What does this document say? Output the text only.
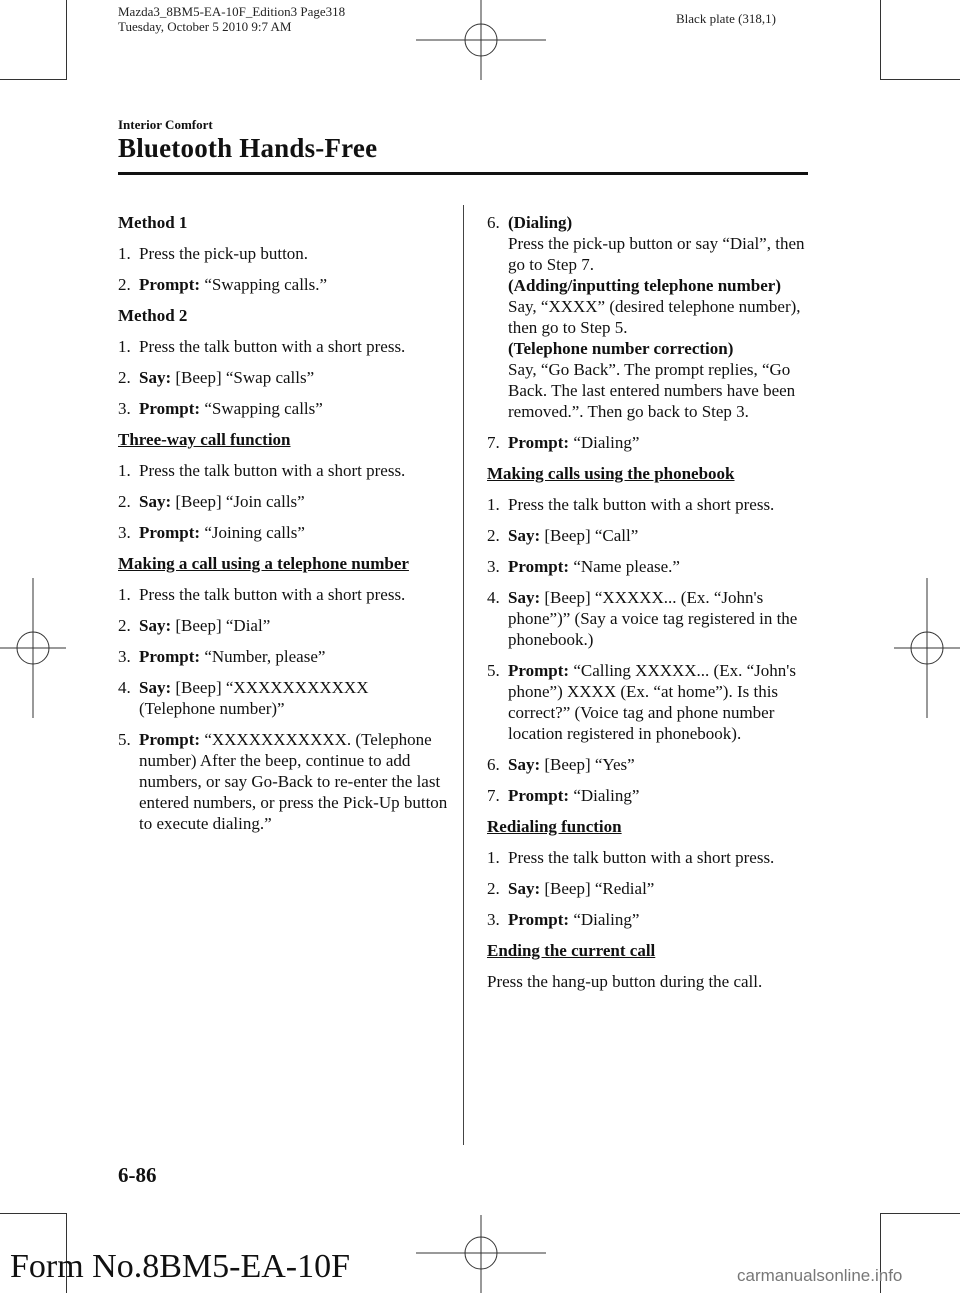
Mazda3_8BM5-EA-10F_Edition3 Page318
Tuesday, October 5 2010 9:7 AM
Black plate (318,1)
Interior Comfort
Bluetooth Hands-Free

Method 1

1. Press the pick-up button.
2. Prompt: “Swapping calls.”

Method 2

1. Press the talk button with a short press.
2. Say: [Beep] “Swap calls”
3. Prompt: “Swapping calls”

Three-way call function

1. Press the talk button with a short press.
2. Say: [Beep] “Join calls”
3. Prompt: “Joining calls”

Making a call using a telephone number

1. Press the talk button with a short press.
2. Say: [Beep] “Dial”
3. Prompt: “Number, please”
4. Say: [Beep] “XXXXXXXXXXX (Telephone number)”
5. Prompt: “XXXXXXXXXXX. (Telephone number) After the beep, continue to add numbers, or say Go-Back to re-enter the last entered numbers, or press the Pick-Up button to execute dialing.”
6. (Dialing)
Press the pick-up button or say “Dial”, then go to Step 7.
(Adding/inputting telephone number)
Say, “XXXX” (desired telephone number), then go to Step 5.
(Telephone number correction)
Say, “Go Back”. The prompt replies, “Go Back. The last entered numbers have been removed.”. Then go back to Step 3.
7. Prompt: “Dialing”

Making calls using the phonebook

1. Press the talk button with a short press.
2. Say: [Beep] “Call”
3. Prompt: “Name please.”
4. Say: [Beep] “XXXXX... (Ex. “John's phone”)” (Say a voice tag registered in the phonebook.)
5. Prompt: “Calling XXXXX... (Ex. “John's phone”) XXXX (Ex. “at home”). Is this correct?” (Voice tag and phone number location registered in phonebook).
6. Say: [Beep] “Yes”
7. Prompt: “Dialing”

Redialing function

1. Press the talk button with a short press.
2. Say: [Beep] “Redial”
3. Prompt: “Dialing”

Ending the current call

Press the hang-up button during the call.

6-86
Form No.8BM5-EA-10F	carmanualsonline.info
